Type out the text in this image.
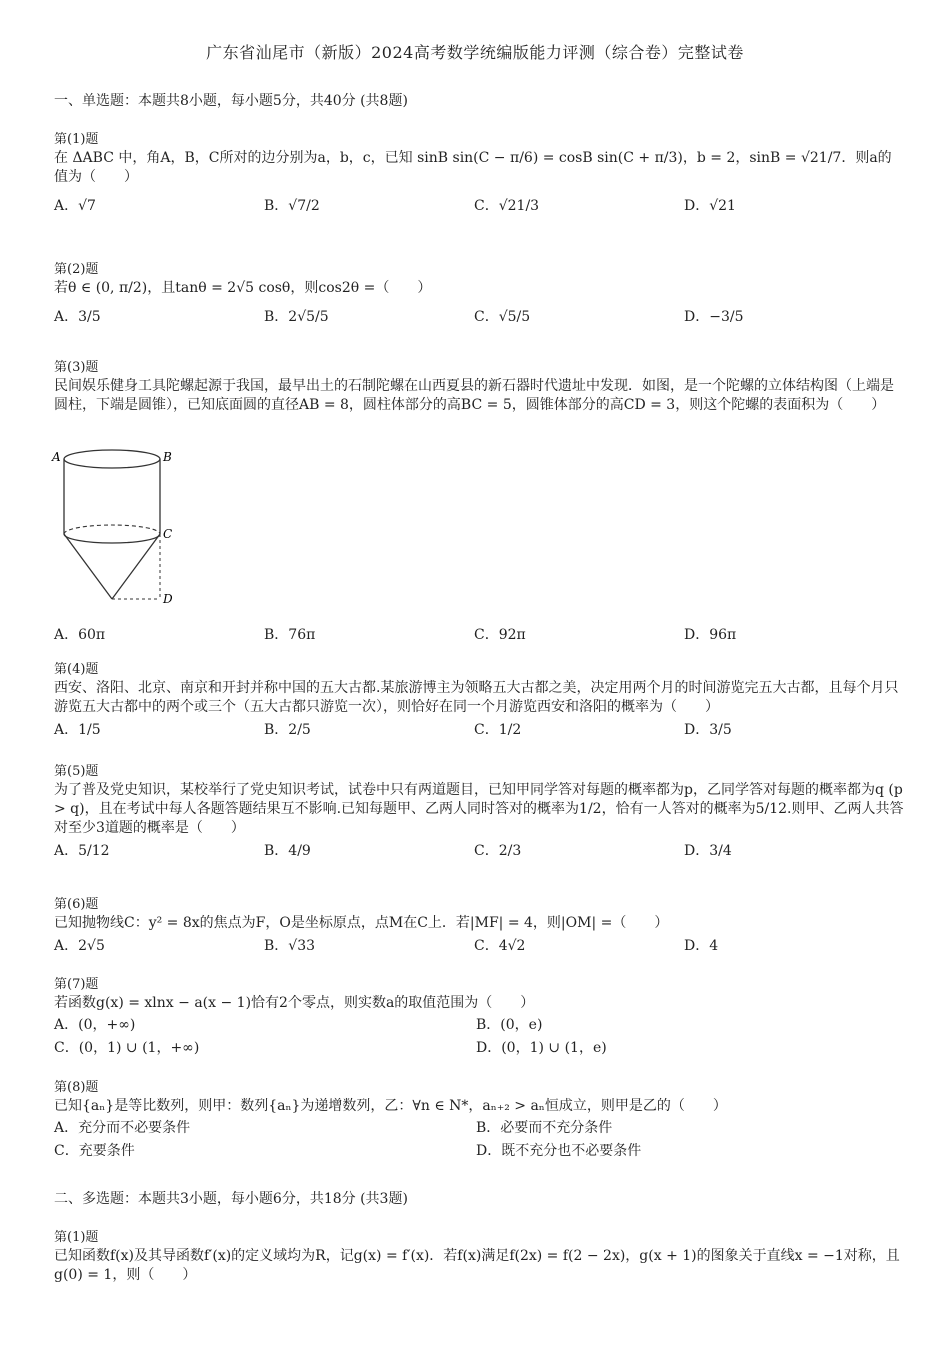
广东省汕尾市（新版）2024高考数学统编版能力评测（综合卷）完整试卷
一、单选题：本题共8小题，每小题5分，共40分 (共8题)
第(1)题
在 ΔABC 中，角A，B，C所对的边分别为a，b，c，已知 sinB sin(C − π/6) = cosB sin(C + π/3)，b = 2，sinB = √21/7．则a的值为（　　）
A．√7	B．√7/2	C．√21/3	D．√21
第(2)题
若θ ∈ (0, π/2)，且tanθ = 2√5 cosθ，则cos2θ =（　　）
A．3/5	B．2√5/5	C．√5/5	D．−3/5
第(3)题
民间娱乐健身工具陀螺起源于我国，最早出土的石制陀螺在山西夏县的新石器时代遗址中发现．如图，是一个陀螺的立体结构图（上端是圆柱，下端是圆锥），已知底面圆的直径AB = 8，圆柱体部分的高BC = 5，圆锥体部分的高CD = 3，则这个陀螺的表面积为（　　）
A	B
C
D
A．60π	B．76π	C．92π	D．96π
第(4)题
西安、洛阳、北京、南京和开封并称中国的五大古都.某旅游博主为领略五大古都之美，决定用两个月的时间游览完五大古都，且每个月只游览五大古都中的两个或三个（五大古都只游览一次），则恰好在同一个月游览西安和洛阳的概率为（　　）
A．1/5	B．2/5	C．1/2	D．3/5
第(5)题
为了普及党史知识，某校举行了党史知识考试，试卷中只有两道题目，已知甲同学答对每题的概率都为p，乙同学答对每题的概率都为q (p > q)，且在考试中每人各题答题结果互不影响.已知每题甲、乙两人同时答对的概率为1/2，恰有一人答对的概率为5/12.则甲、乙两人共答对至少3道题的概率是（　　）
A．5/12	B．4/9	C．2/3	D．3/4
第(6)题
已知抛物线C：y² = 8x的焦点为F，O是坐标原点，点M在C上．若|MF| = 4，则|OM| =（　　）
A．2√5	B．√33	C．4√2	D．4
第(7)题
若函数g(x) = xlnx − a(x − 1)恰有2个零点，则实数a的取值范围为（　　）
A．(0，+∞)	B．(0，e)
C．(0，1) ∪ (1，+∞)	D．(0，1) ∪ (1，e)
第(8)题
已知{aₙ}是等比数列，则甲：数列{aₙ}为递增数列，乙：∀n ∈ N*，aₙ₊₂ > aₙ恒成立，则甲是乙的（　　）
A．充分而不必要条件	B．必要而不充分条件
C．充要条件	D．既不充分也不必要条件
二、多选题：本题共3小题，每小题6分，共18分 (共3题)
第(1)题
已知函数f(x)及其导函数f′(x)的定义域均为R，记g(x) = f′(x)．若f(x)满足f(2x) = f(2 − 2x)，g(x + 1)的图象关于直线x = −1对称，且g(0) = 1，则（　　）
